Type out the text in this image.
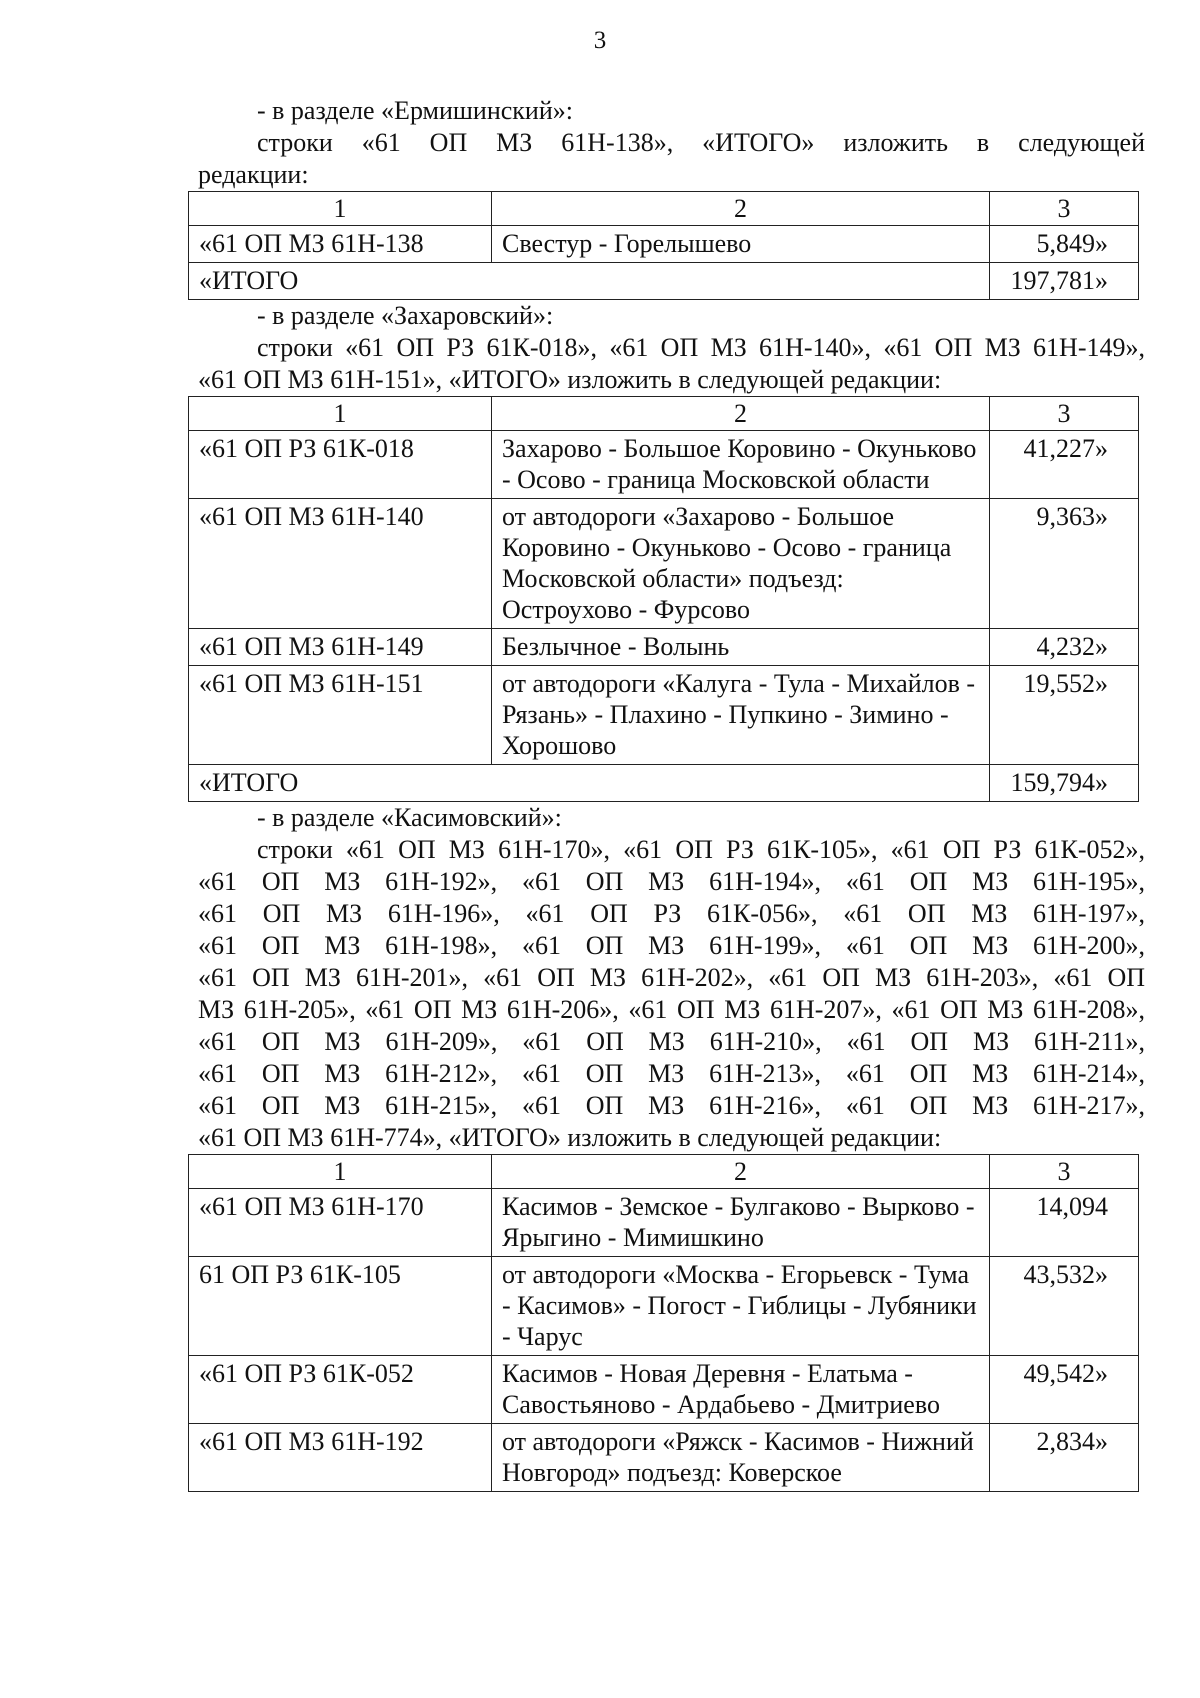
3
- в разделе «Ермишинский»:
строки «61 ОП МЗ 61Н-138», «ИТОГО» изложить в следующей
редакции:
1	2	3
«61 ОП МЗ 61Н-138	Свестур - Горелышево	5,849»
«ИТОГО		197,781»
- в разделе «Захаровский»:
строки «61 ОП РЗ 61К-018», «61 ОП МЗ 61Н-140», «61 ОП МЗ 61Н-149»,
«61 ОП МЗ 61Н-151», «ИТОГО» изложить в следующей редакции:
1	2	3
«61 ОП РЗ 61К-018	Захарово - Большое Коровино - Окуньково - Осово - граница Московской области	41,227»
«61 ОП МЗ 61Н-140	от автодороги «Захарово - Большое Коровино - Окуньково - Осово - граница Московской области» подъезд: Остроухово - Фурсово	9,363»
«61 ОП МЗ 61Н-149	Безлычное - Волынь	4,232»
«61 ОП МЗ 61Н-151	от автодороги «Калуга - Тула - Михайлов - Рязань» - Плахино - Пупкино - Зимино - Хорошово	19,552»
«ИТОГО		159,794»
- в разделе «Касимовский»:
строки «61 ОП МЗ 61Н-170», «61 ОП РЗ 61К-105», «61 ОП РЗ 61К-052»,
«61 ОП МЗ 61Н-192», «61 ОП МЗ 61Н-194», «61 ОП МЗ 61Н-195»,
«61 ОП МЗ 61Н-196», «61 ОП РЗ 61К-056», «61 ОП МЗ 61Н-197»,
«61 ОП МЗ 61Н-198», «61 ОП МЗ 61Н-199», «61 ОП МЗ 61Н-200»,
«61 ОП МЗ 61Н-201», «61 ОП МЗ 61Н-202», «61 ОП МЗ 61Н-203», «61 ОП
МЗ 61Н-205», «61 ОП МЗ 61Н-206», «61 ОП МЗ 61Н-207», «61 ОП МЗ 61Н-208»,
«61 ОП МЗ 61Н-209», «61 ОП МЗ 61Н-210», «61 ОП МЗ 61Н-211»,
«61 ОП МЗ 61Н-212», «61 ОП МЗ 61Н-213», «61 ОП МЗ 61Н-214»,
«61 ОП МЗ 61Н-215», «61 ОП МЗ 61Н-216», «61 ОП МЗ 61Н-217»,
«61 ОП МЗ 61Н-774», «ИТОГО» изложить в следующей редакции:
1	2	3
«61 ОП МЗ 61Н-170	Касимов - Земское - Булгаково - Вырково - Ярыгино - Мимишкино	14,094
61 ОП РЗ 61К-105	от автодороги «Москва - Егорьевск - Тума - Касимов» - Погост - Гиблицы - Лубяники - Чарус	43,532»
«61 ОП РЗ 61К-052	Касимов - Новая Деревня - Елатьма - Савостьяново - Ардабьево - Дмитриево	49,542»
«61 ОП МЗ 61Н-192	от автодороги «Ряжск - Касимов - Нижний Новгород» подъезд: Коверское	2,834»
